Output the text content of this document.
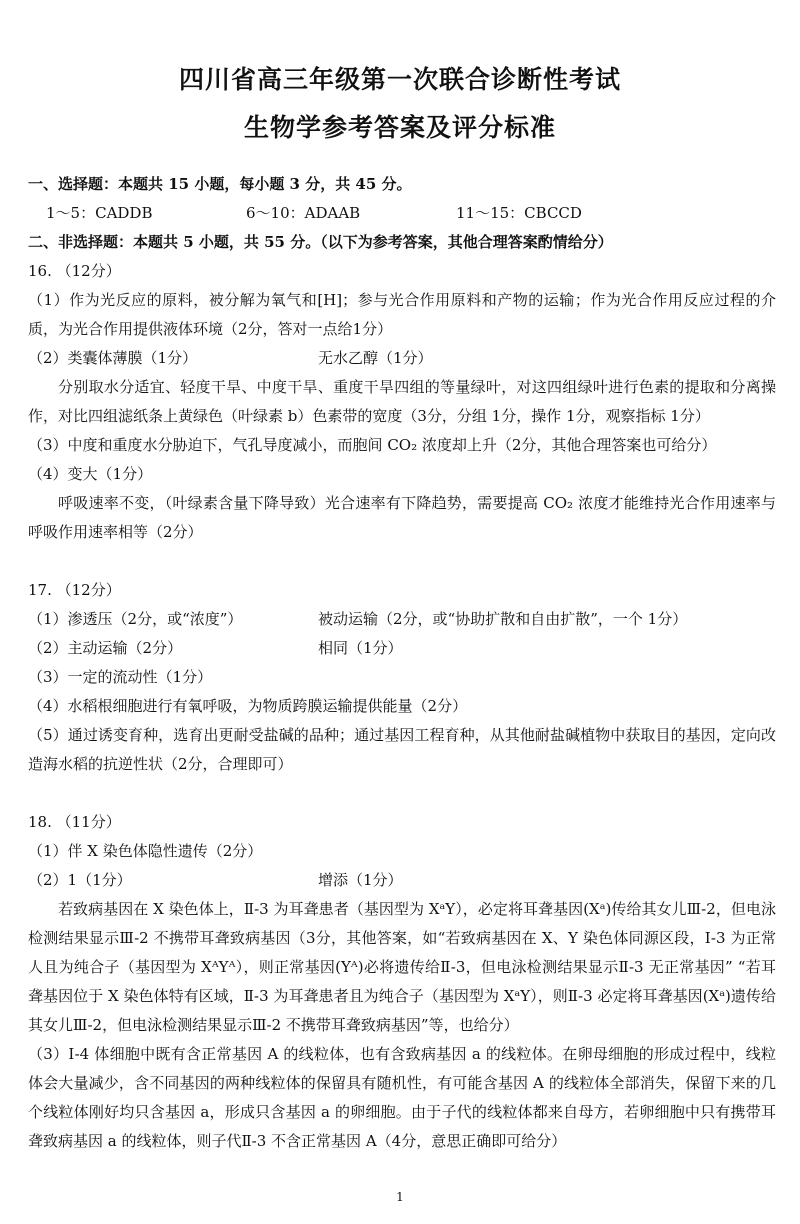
四川省高三年级第一次联合诊断性考试
生物学参考答案及评分标准
一、选择题：本题共 15 小题，每小题 3 分，共 45 分。
1～5：CADDB	6～10：ADAAB	11～15：CBCCD
二、非选择题：本题共 5 小题，共 55 分。（以下为参考答案，其他合理答案酌情给分）
16. （12分）
（1）作为光反应的原料，被分解为氧气和[H]；参与光合作用原料和产物的运输；作为光合作用反应过程的介质，为光合作用提供液体环境（2分，答对一点给1分）
（2）类囊体薄膜（1分）	无水乙醇（1分）
分别取水分适宜、轻度干旱、中度干旱、重度干旱四组的等量绿叶，对这四组绿叶进行色素的提取和分离操作，对比四组滤纸条上黄绿色（叶绿素 b）色素带的宽度（3分，分组 1分，操作 1分，观察指标 1分）
（3）中度和重度水分胁迫下，气孔导度减小，而胞间 CO₂ 浓度却上升（2分，其他合理答案也可给分）
（4）变大（1分）
呼吸速率不变，（叶绿素含量下降导致）光合速率有下降趋势，需要提高 CO₂ 浓度才能维持光合作用速率与呼吸作用速率相等（2分）
17. （12分）
（1）渗透压（2分，或“浓度”）	被动运输（2分，或“协助扩散和自由扩散”，一个 1分）
（2）主动运输（2分）	相同（1分）
（3）一定的流动性（1分）
（4）水稻根细胞进行有氧呼吸，为物质跨膜运输提供能量（2分）
（5）通过诱变育种，选育出更耐受盐碱的品种；通过基因工程育种，从其他耐盐碱植物中获取目的基因，定向改造海水稻的抗逆性状（2分，合理即可）
18. （11分）
（1）伴 X 染色体隐性遗传（2分）
（2）1（1分）	增添（1分）
若致病基因在 X 染色体上，Ⅱ-3 为耳聋患者（基因型为 XᵃY），必定将耳聋基因(Xᵃ)传给其女儿Ⅲ-2，但电泳检测结果显示Ⅲ-2 不携带耳聋致病基因（3分，其他答案，如“若致病基因在 X、Y 染色体同源区段，Ⅰ-3 为正常人且为纯合子（基因型为 XᴬYᴬ），则正常基因(Yᴬ)必将遗传给Ⅱ-3，但电泳检测结果显示Ⅱ-3 无正常基因” “若耳聋基因位于 X 染色体特有区域，Ⅱ-3 为耳聋患者且为纯合子（基因型为 XᵃY），则Ⅱ-3 必定将耳聋基因(Xᵃ)遗传给其女儿Ⅲ-2，但电泳检测结果显示Ⅲ-2 不携带耳聋致病基因”等，也给分）
（3）Ⅰ-4 体细胞中既有含正常基因 A 的线粒体，也有含致病基因 a 的线粒体。在卵母细胞的形成过程中，线粒体会大量减少，含不同基因的两种线粒体的保留具有随机性，有可能含基因 A 的线粒体全部消失，保留下来的几个线粒体刚好均只含基因 a，形成只含基因 a 的卵细胞。由于子代的线粒体都来自母方，若卵细胞中只有携带耳聋致病基因 a 的线粒体，则子代Ⅱ-3 不含正常基因 A（4分，意思正确即可给分）
1
